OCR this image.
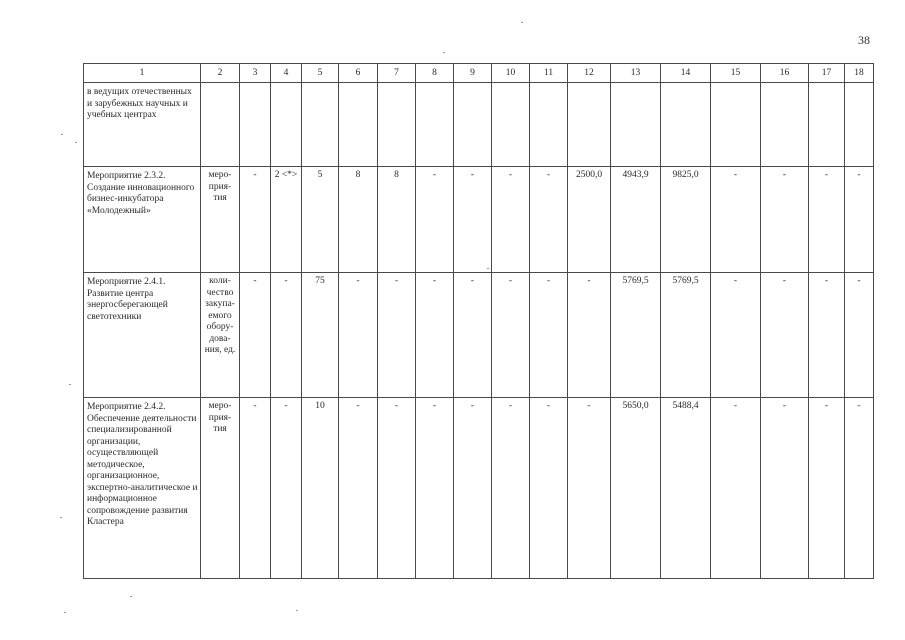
38
1	2	3	4	5	6	7	8	9	10	11	12	13	14	15	16	17	18
в ведущих отечественных и зарубежных научных и учебных центрах																	
Мероприятие 2.3.2. Создание инновационного бизнес-инкубатора «Молодежный»	меро-прия-тия	-	2 <*>	5	8	8	-	-	-	-	2500,0	4943,9	9825,0	-	-	-	-
Мероприятие 2.4.1. Развитие центра энергосберегающей светотехники	коли-чество закупа-емого обору-дова-ния, ед.	-	-	75	-	-	-	-	-	-	-	5769,5	5769,5	-	-	-	-
Мероприятие 2.4.2. Обеспечение деятельности специализированной организации, осуществляющей методическое, организационное, экспертно-аналитическое и информационное сопровождение развития Кластера	меро-прия-тия	-	-	10	-	-	-	-	-	-	-	5650,0	5488,4	-	-	-	-
